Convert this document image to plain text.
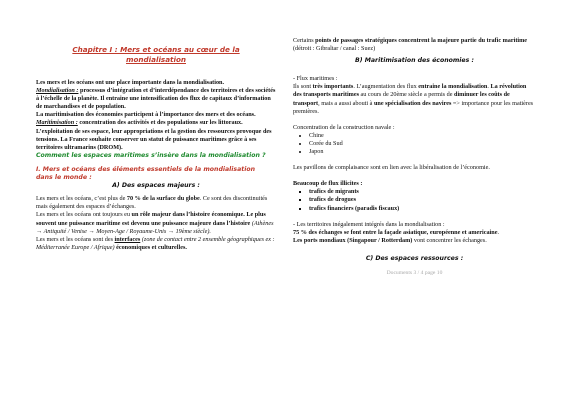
Chapitre I : Mers et océans au cœur de la
mondialisation

Les mers et les océans ont une place importante dans la mondialisation.

Mondialisation : processus d’intégration et d’interdépendance des territoires et des sociétés à l’échelle de la planète. Il entraine une intensification des flux de capitaux d’information de marchandises et de population.

La maritimisation des économies participent à l’importance des mers et des océans.

Maritimisation : concentration des activités et des populations sur les littoraux.

L’exploitation de ses espace, leur appropriations et la gestion des ressources provoque des tensions. La France souhaite conserver un statut de puissance maritimes grâce à ses territoires ultramarins (DROM).

Comment les espaces maritimes s’insère dans la mondialisation ?

I. Mers et océans des éléments essentiels de la mondialisation
dans le monde :

A) Des espaces majeurs :

Les mers et les océans, c’est plus de 70 % de la surface du globe. Ce sont des discontinuités mais également des espaces d’échanges.

Les mers et les océans ont toujours eu un rôle majeur dans l’histoire économique. Le plus souvent une puissance maritime est devenu une puissance majeure dans l’histoire (Athènes → Antiquité / Venise → Moyen-Age / Royaume-Unis → 19ème siècle).

Les mers et les océans sont des interfaces (zone de contact entre 2 ensemble géographiques ex : Méditerranée Europe / Afrique) économiques et culturelles.

Certains points de passages stratégiques concentrent la majeure partie du trafic maritime (détroit : Gibraltar / canal : Suez)

B) Maritimisation des économies :

- Flux maritimes :

Ils sont très importants. L’augmentation des flux entraine la mondialisation. La révolution des transports maritimes au cours de 20ème siècle a permis de diminuer les coûts de transport, mais a aussi abouti à une spécialisation des navires => importance pour les matières premières.

Concentration de la construction navale :

• Chine
• Corée du Sud
• Japon

Les pavillons de complaisance sont en lien avec la libéralisation de l’économie.

Beaucoup de flux illicites :

▪ trafics de migrants
▪ trafics de drogues
▪ trafics financiers (paradis fiscaux)

- Les territoires inégalement intégrés dans la mondialisation :

75 % des échanges se font entre la façade asiatique, européenne et americaine.

Les ports mondiaux (Singapour / Rotterdam) vont concentrer les échanges.

C) Des espaces ressources :

Documents 3 / 4 page 10
